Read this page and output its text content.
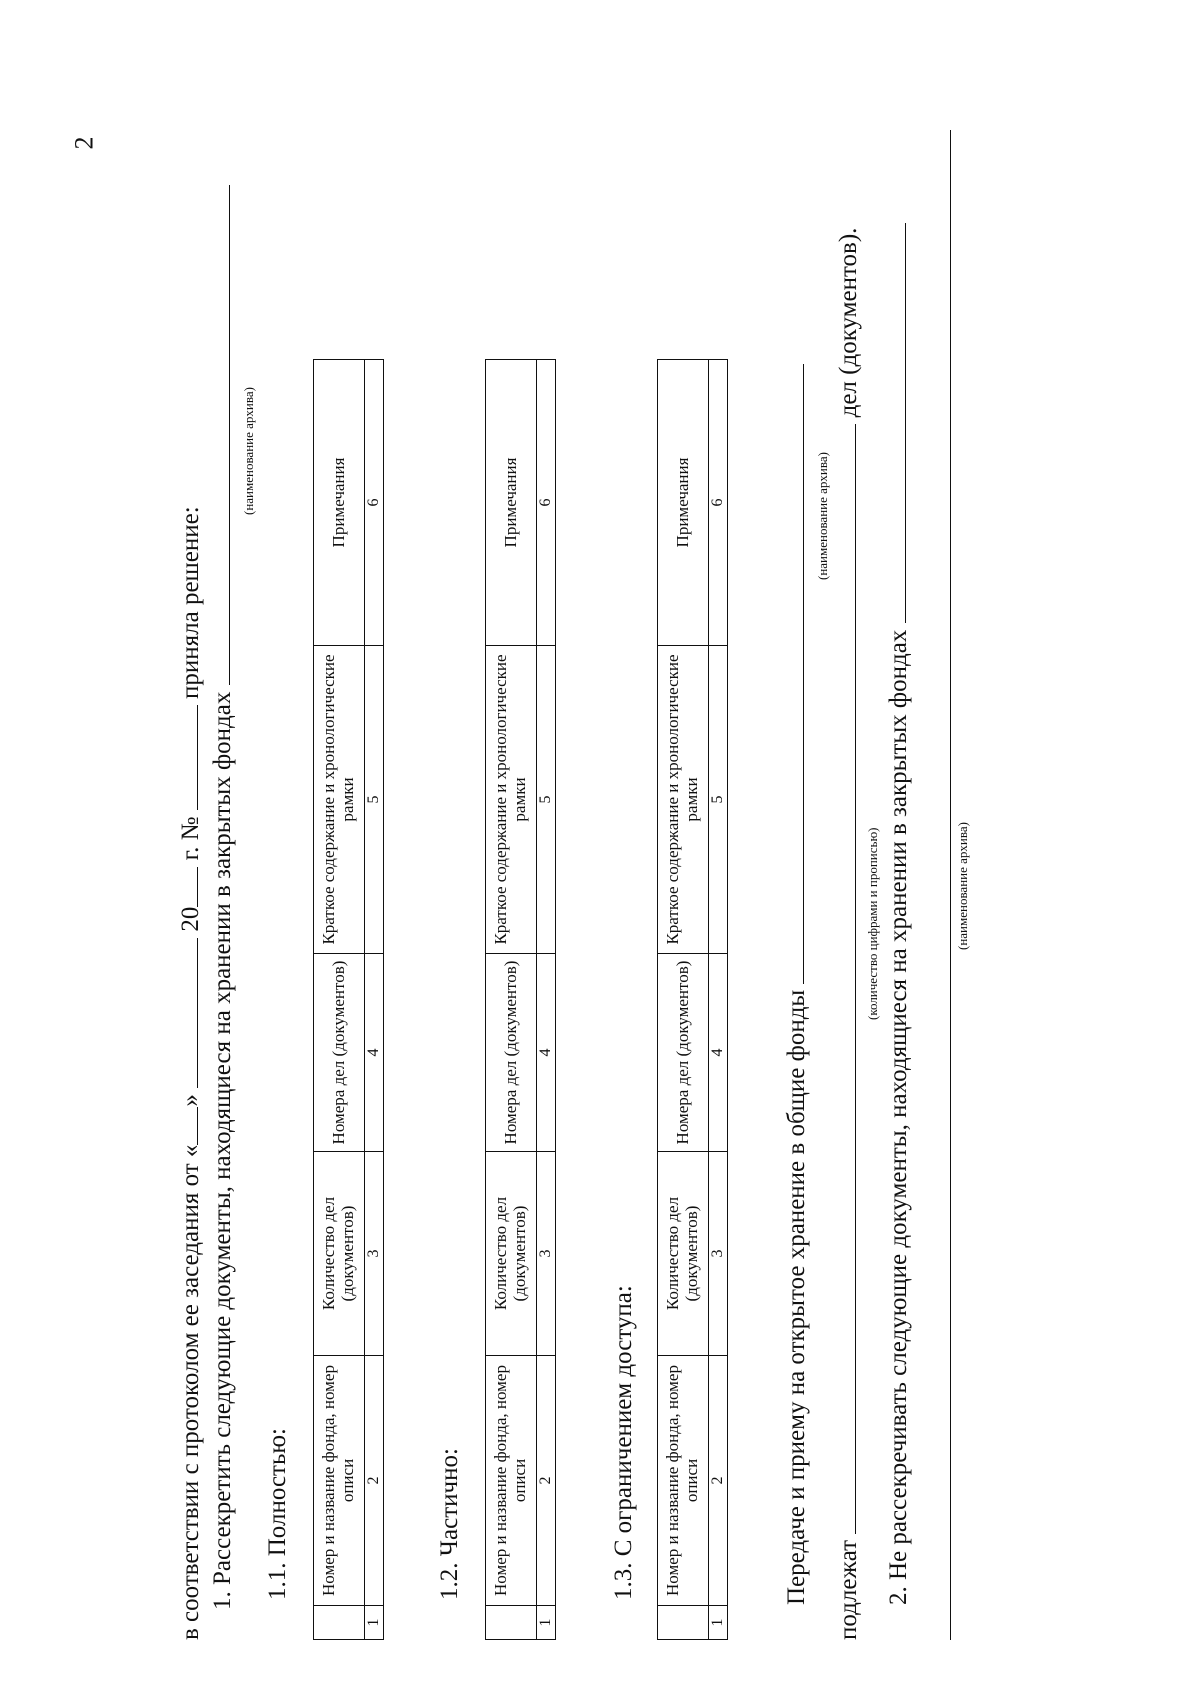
2
в соответствии с протоколом ее заседания от «»  20 г. №  приняла решение:
1. Рассекретить следующие документы, находящиеся на хранении в закрытых фондах
(наименование архива)
1.1. Полностью:
	Номер и название фонда, номер описи	Количество дел (документов)	Номера дел (документов)	Краткое содержание и хронологические рамки	Примечания
1	2	3	4	5	6
1.2. Частично:
	Номер и название фонда, номер описи	Количество дел (документов)	Номера дел (документов)	Краткое содержание и хронологические рамки	Примечания
1	2	3	4	5	6
1.3. С ограничением доступа:
	Номер и название фонда, номер описи	Количество дел (документов)	Номера дел (документов)	Краткое содержание и хронологические рамки	Примечания
1	2	3	4	5	6
Передаче и приему на открытое хранение в общие фонды
(наименование архива)
подлежат  дел (документов).
(количество цифрами и прописью) 2. Не рассекречивать следующие документы, находящиеся на хранении в закрытых фондах	(наименование архива)
